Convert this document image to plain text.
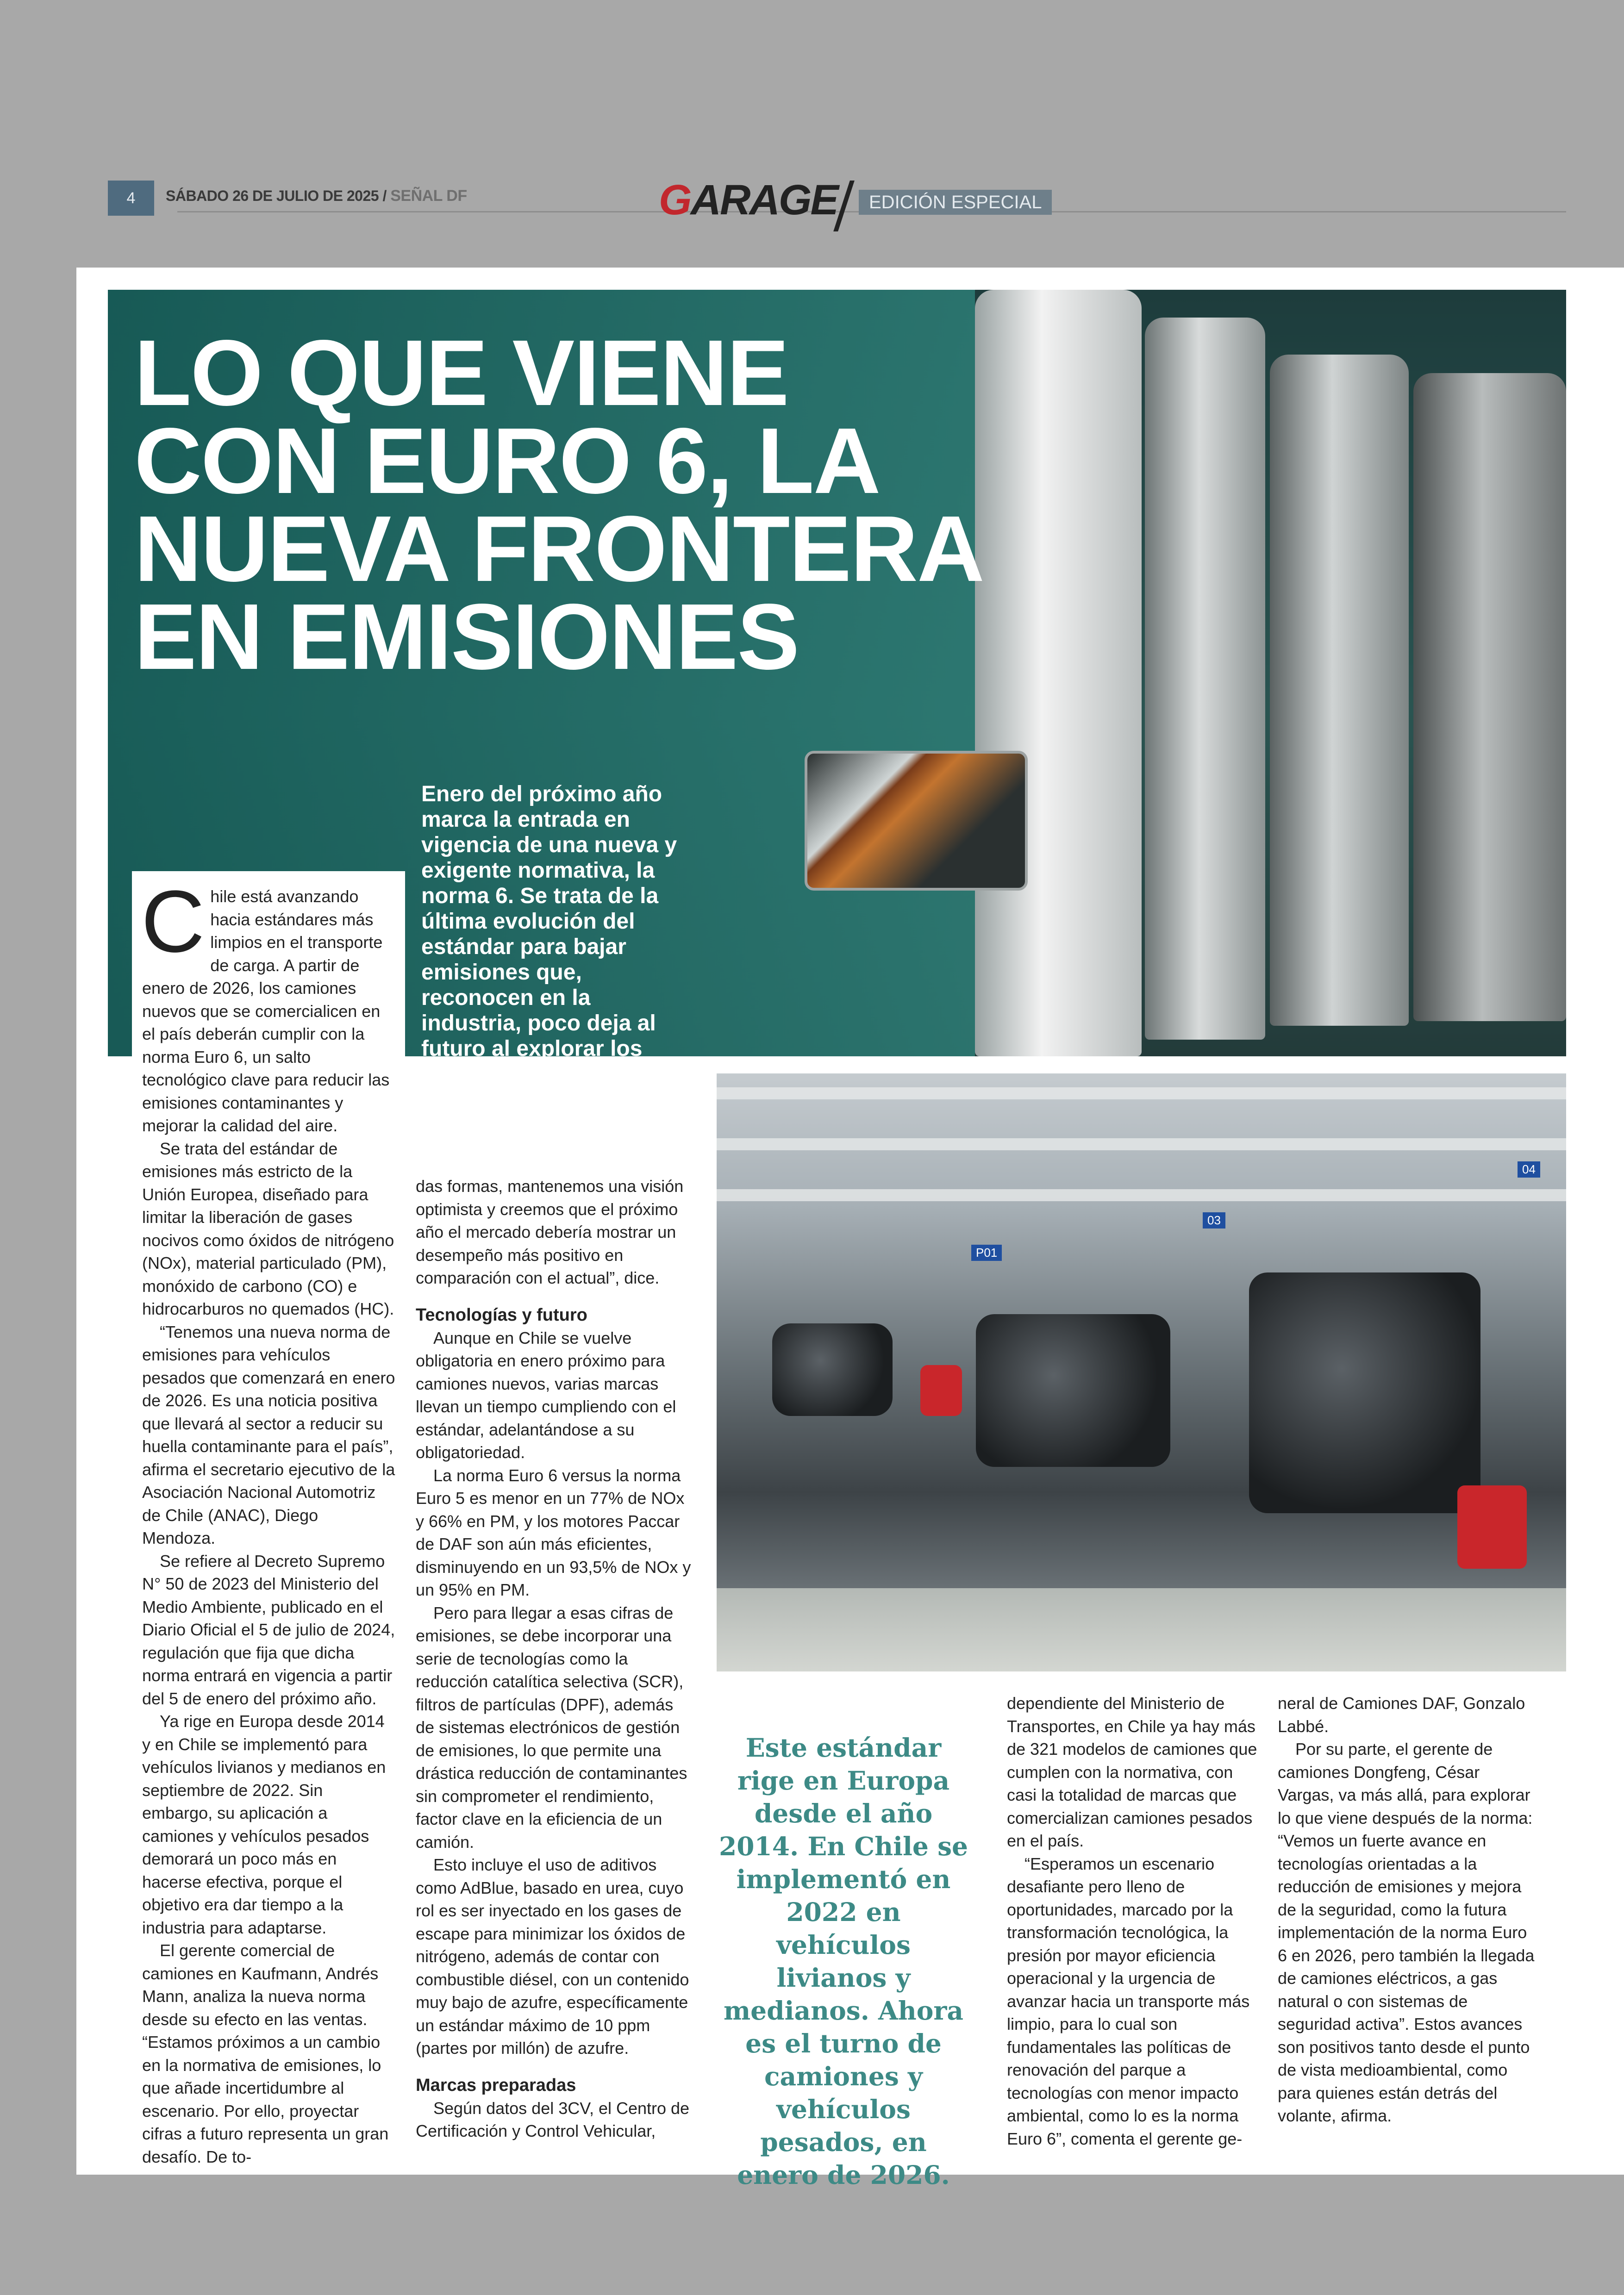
4	SÁBADO 26 DE JULIO DE 2025 / SEÑAL DF	GARAGE	EDICIÓN ESPECIAL
LO QUE VIENE CON EURO 6, LA NUEVA FRONTERA EN EMISIONES
Enero del próximo año marca la entrada en vigencia de una nueva y exigente normativa, la norma 6. Se trata de la última evolución del estándar para bajar emisiones que, reconocen en la industria, poco deja al futuro al explorar los límites de los motores diésel que ocupan los camiones.
POR RODRIGO CASTILLO C.
P01
03
04

Chile está avanzando hacia estándares más limpios en el transporte de carga. A partir de enero de 2026, los camiones nuevos que se comercialicen en el país deberán cumplir con la norma Euro 6, un salto tecnológico clave para reducir las emisiones contaminantes y mejorar la calidad del aire.

Se trata del estándar de emisiones más estricto de la Unión Europea, diseñado para limitar la liberación de gases nocivos como óxidos de nitrógeno (NOx), material particulado (PM), monóxido de carbono (CO) e hidrocarburos no quemados (HC).

“Tenemos una nueva norma de emisiones para vehículos pesados que comenzará en enero de 2026. Es una noticia positiva que llevará al sector a reducir su huella contaminante para el país”, afirma el secretario ejecutivo de la Asociación Nacional Automotriz de Chile (ANAC), Diego Mendoza.

Se refiere al Decreto Supremo N° 50 de 2023 del Ministerio del Medio Ambiente, publicado en el Diario Oficial el 5 de julio de 2024, regulación que fija que dicha norma entrará en vigencia a partir del 5 de enero del próximo año.

Ya rige en Europa desde 2014 y en Chile se implementó para vehículos livianos y medianos en septiembre de 2022. Sin embargo, su aplicación a camiones y vehículos pesados demorará un poco más en hacerse efectiva, porque el objetivo era dar tiempo a la industria para adaptarse.

El gerente comercial de camiones en Kaufmann, Andrés Mann, analiza la nueva norma desde su efecto en las ventas. “Estamos próximos a un cambio en la normativa de emisiones, lo que añade incertidumbre al escenario. Por ello, proyectar cifras a futuro representa un gran desafío. De to-

das formas, mantenemos una visión optimista y creemos que el próximo año el mercado debería mostrar un desempeño más positivo en comparación con el actual”, dice.

Tecnologías y futuro

Aunque en Chile se vuelve obligatoria en enero próximo para camiones nuevos, varias marcas llevan un tiempo cumpliendo con el estándar, adelantándose a su obligatoriedad.

La norma Euro 6 versus la norma Euro 5 es menor en un 77% de NOx y 66% en PM, y los motores Paccar de DAF son aún más eficientes, disminuyendo en un 93,5% de NOx y un 95% en PM.

Pero para llegar a esas cifras de emisiones, se debe incorporar una serie de tecnologías como la reducción catalítica selectiva (SCR), filtros de partículas (DPF), además de sistemas electrónicos de gestión de emisiones, lo que permite una drástica reducción de contaminantes sin comprometer el rendimiento, factor clave en la eficiencia de un camión.

Esto incluye el uso de aditivos como AdBlue, basado en urea, cuyo rol es ser inyectado en los gases de escape para minimizar los óxidos de nitrógeno, además de contar con combustible diésel, con un contenido muy bajo de azufre, específicamente un estándar máximo de 10 ppm (partes por millón) de azufre.

Marcas preparadas

Según datos del 3CV, el Centro de Certificación y Control Vehicular,

Este estándar rige en Europa desde el año 2014. En Chile se implementó en 2022 en vehículos livianos y medianos. Ahora es el turno de camiones y vehículos pesados, en enero de 2026.

dependiente del Ministerio de Transportes, en Chile ya hay más de 321 modelos de camiones que cumplen con la normativa, con casi la totalidad de marcas que comercializan camiones pesados en el país.

“Esperamos un escenario desafiante pero lleno de oportunidades, marcado por la transformación tecnológica, la presión por mayor eficiencia operacional y la urgencia de avanzar hacia un transporte más limpio, para lo cual son fundamentales las políticas de renovación del parque a tecnologías con menor impacto ambiental, como lo es la norma Euro 6”, comenta el gerente ge-

neral de Camiones DAF, Gonzalo Labbé.

Por su parte, el gerente de camiones Dongfeng, César Vargas, va más allá, para explorar lo que viene después de la norma: “Vemos un fuerte avance en tecnologías orientadas a la reducción de emisiones y mejora de la seguridad, como la futura implementación de la norma Euro 6 en 2026, pero también la llegada de camiones eléctricos, a gas natural o con sistemas de seguridad activa”. Estos avances son positivos tanto desde el punto de vista medioambiental, como para quienes están detrás del volante, afirma.
